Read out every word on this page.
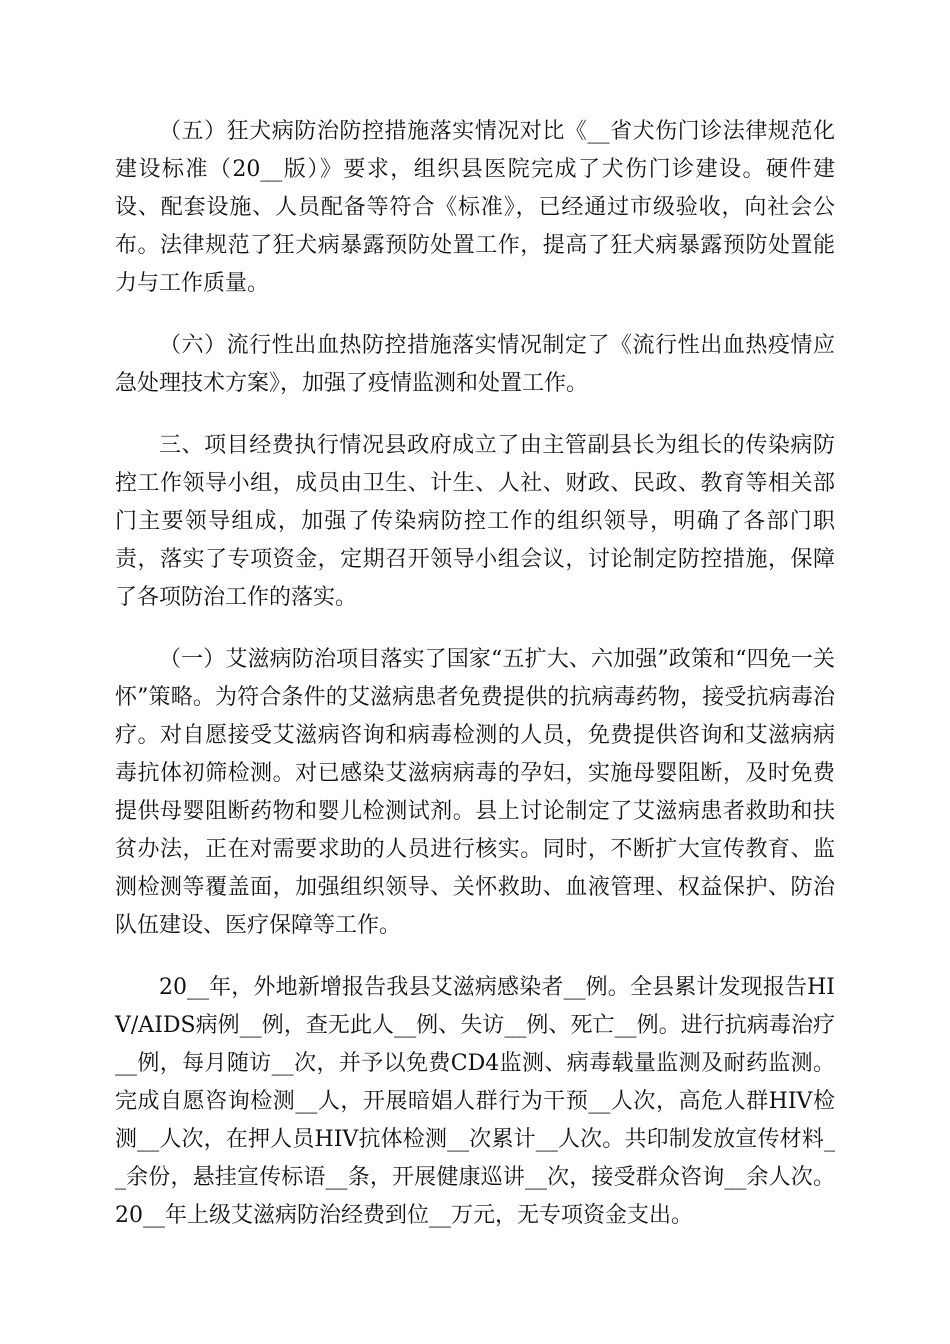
（五）狂犬病防治防控措施落实情况对比《__省犬伤门诊法律规范化建设标准（20__版）》要求，组织县医院完成了犬伤门诊建设。硬件建设、配套设施、人员配备等符合《标准》，已经通过市级验收，向社会公布。法律规范了狂犬病暴露预防处置工作，提高了狂犬病暴露预防处置能力与工作质量。

（六）流行性出血热防控措施落实情况制定了《流行性出血热疫情应急处理技术方案》，加强了疫情监测和处置工作。

三、项目经费执行情况县政府成立了由主管副县长为组长的传染病防控工作领导小组，成员由卫生、计生、人社、财政、民政、教育等相关部门主要领导组成，加强了传染病防控工作的组织领导，明确了各部门职责，落实了专项资金，定期召开领导小组会议，讨论制定防控措施，保障了各项防治工作的落实。

（一）艾滋病防治项目落实了国家“五扩大、六加强”政策和“四免一关怀”策略。为符合条件的艾滋病患者免费提供的抗病毒药物，接受抗病毒治疗。对自愿接受艾滋病咨询和病毒检测的人员，免费提供咨询和艾滋病病毒抗体初筛检测。对已感染艾滋病病毒的孕妇，实施母婴阻断，及时免费提供母婴阻断药物和婴儿检测试剂。县上讨论制定了艾滋病患者救助和扶贫办法，正在对需要求助的人员进行核实。同时，不断扩大宣传教育、监测检测等覆盖面，加强组织领导、关怀救助、血液管理、权益保护、防治队伍建设、医疗保障等工作。

20__年，外地新增报告我县艾滋病感染者__例。全县累计发现报告HIV/AIDS病例__例，查无此人__例、失访__例、死亡__例。进行抗病毒治疗__例，每月随访__次，并予以免费CD4监测、病毒载量监测及耐药监测。完成自愿咨询检测__人，开展暗娼人群行为干预__人次，高危人群HIV检测__人次，在押人员HIV抗体检测__次累计__人次。共印制发放宣传材料__余份，悬挂宣传标语__条，开展健康巡讲__次，接受群众咨询__余人次。20__年上级艾滋病防治经费到位__万元，无专项资金支出。
